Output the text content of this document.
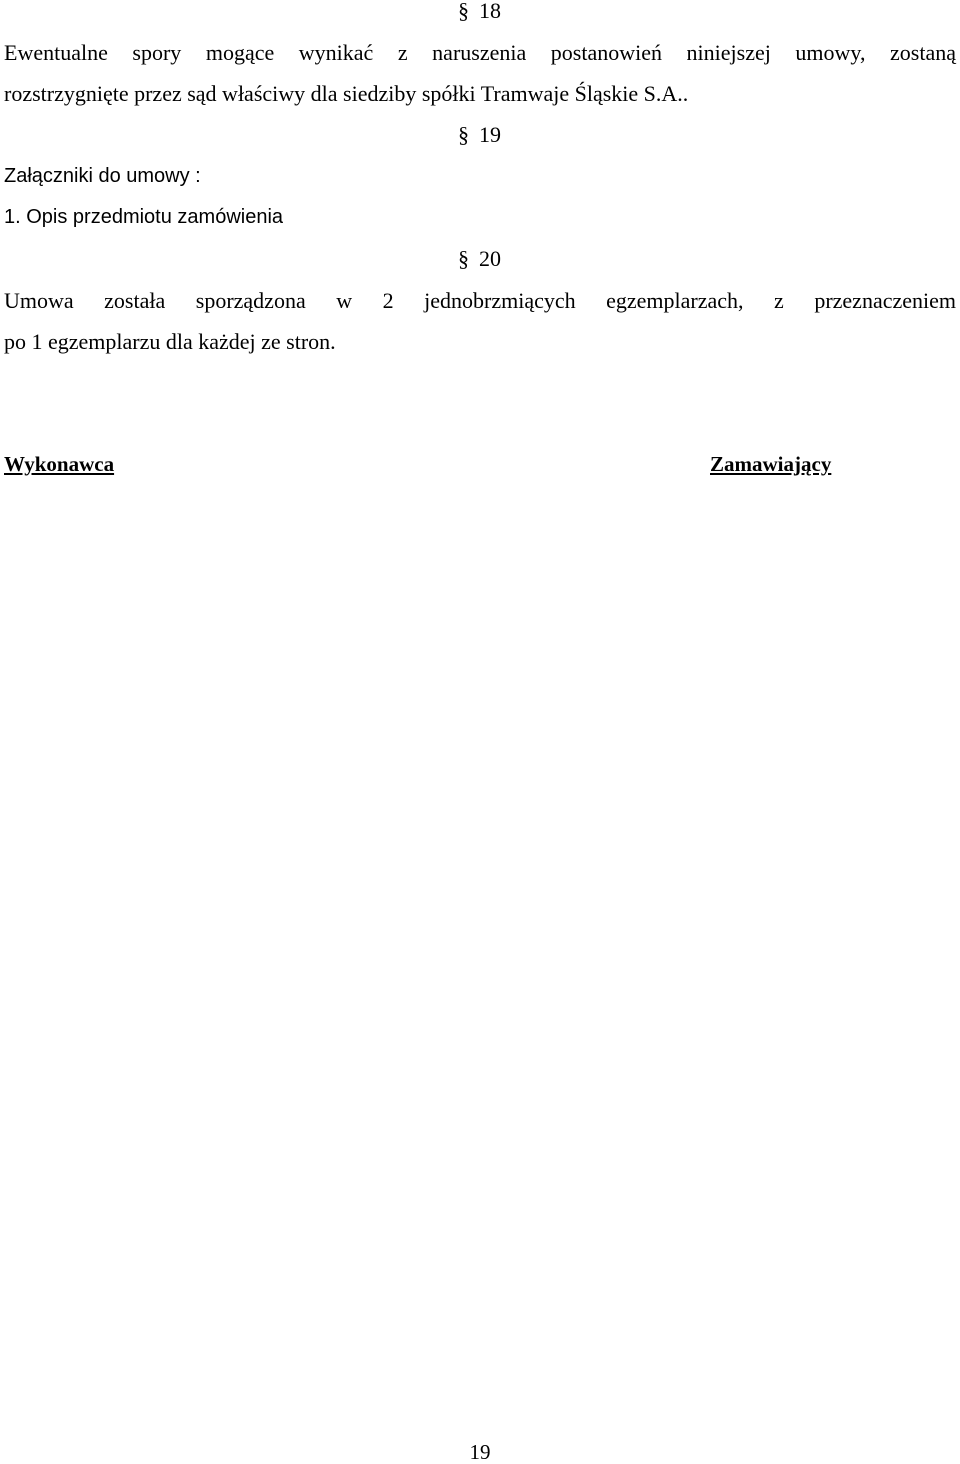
§ 18

Ewentualne spory mogące wynikać z naruszenia postanowień niniejszej umowy, zostaną
rozstrzygnięte przez sąd właściwy dla siedziby spółki Tramwaje Śląskie S.A..

§ 19

Załączniki do umowy :
1. Opis przedmiotu zamówienia

§ 20

Umowa została sporządzona w 2 jednobrzmiących egzemplarzach, z przeznaczeniem
po 1 egzemplarzu dla każdej ze stron.

Wykonawca	Zamawiający
19
